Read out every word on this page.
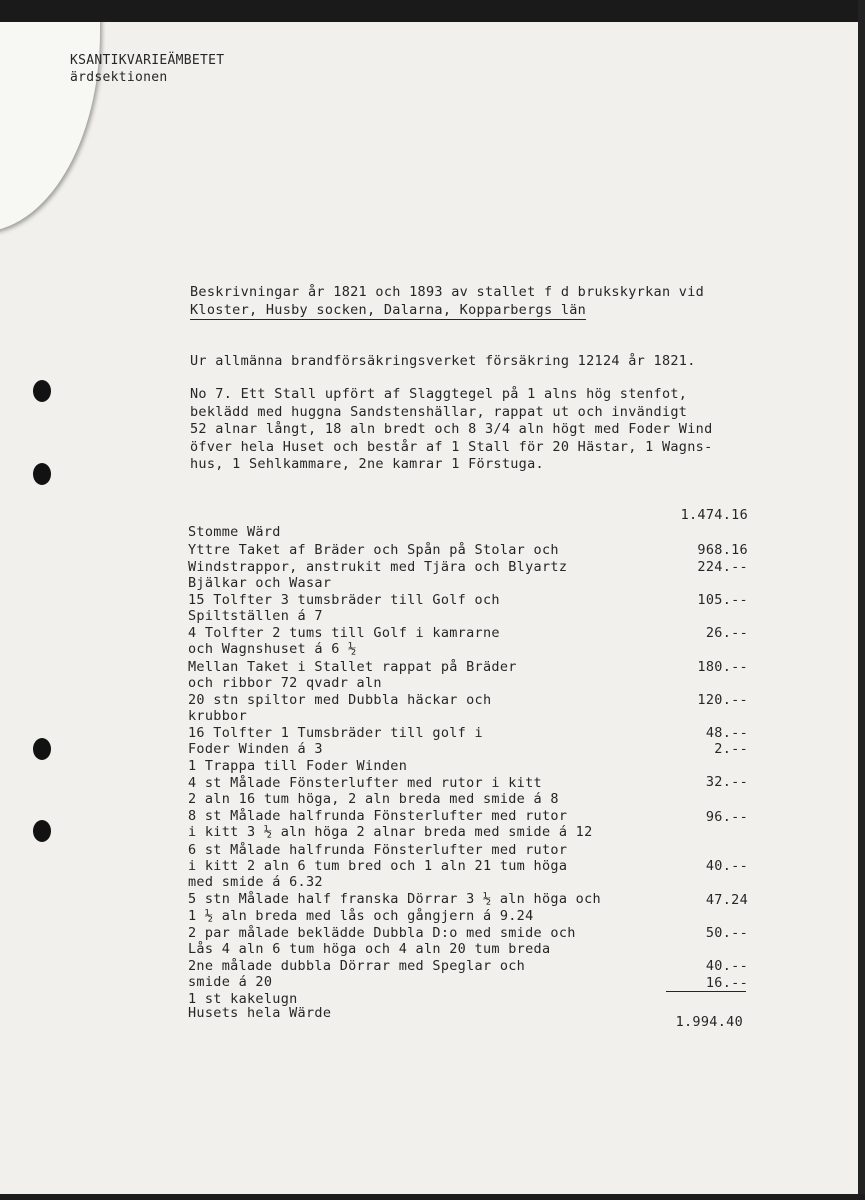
KSANTIKVARIEÄMBETET
ärdsektionen
Beskrivningar år 1821 och 1893 av stallet f d brukskyrkan vid
Kloster, Husby socken, Dalarna, Kopparbergs län
Ur allmänna brandförsäkringsverket försäkring 12124 år 1821.
No 7. Ett Stall upfört af Slaggtegel på 1 alns hög stenfot,
beklädd med huggna Sandstenshällar, rappat ut och invändigt
52 alnar långt, 18 aln bredt och 8 3/4 aln högt med Foder Wind
öfver hela Huset och består af 1 Stall för 20 Hästar, 1 Wagns-
hus, 1 Sehlkammare, 2ne kamrar 1 Förstuga.
Stomme Wärd
Yttre Taket af Bräder och Spån på Stolar och
Windstrappor, anstrukit med Tjära och Blyartz
Bjälkar och Wasar
15 Tolfter 3 tumsbräder till Golf och
Spiltställen á 7
4 Tolfter 2 tums till Golf i kamrarne
och Wagnshuset á 6 ½
Mellan Taket i Stallet rappat på Bräder
och ribbor 72 qvadr aln
20 stn spiltor med Dubbla häckar och
krubbor
16 Tolfter 1 Tumsbräder till golf i
Foder Winden á 3
1 Trappa till Foder Winden
4 st Målade Fönsterlufter med rutor i kitt
2 aln 16 tum höga, 2 aln breda med smide á 8
8 st Målade halfrunda Fönsterlufter med rutor
i kitt 3 ½ aln höga 2 alnar breda med smide á 12
6 st Målade halfrunda Fönsterlufter med rutor
i kitt 2 aln 6 tum bred och 1 aln 21 tum höga
med smide á 6.32
5 stn Målade half franska Dörrar 3 ½ aln höga och
1 ½ aln breda med lås och gångjern á 9.24
2 par målade beklädde Dubbla D:o med smide och
Lås 4 aln 6 tum höga och 4 aln 20 tum breda
2ne målade dubbla Dörrar med Speglar och
smide á 20
1 st kakelugn
1.474.16
968.16
224.--
105.--
26.--
180.--
120.--
48.--
2.--
32.--
96.--
40.--
47.24
50.--
40.--
16.--
Husets hela Wärde
1.994.40
